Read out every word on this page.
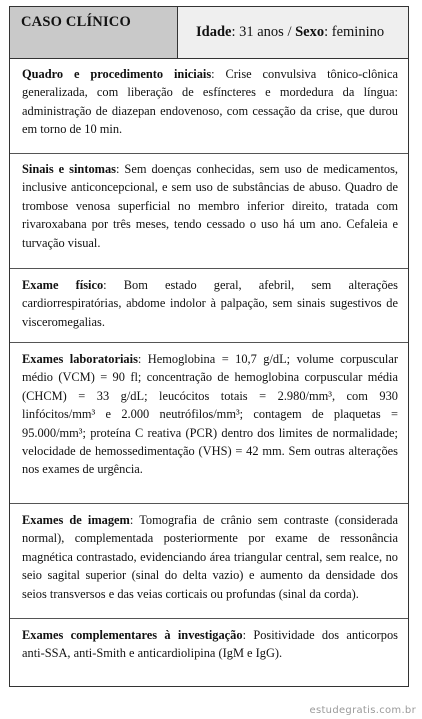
CASO CLÍNICO
Idade: 31 anos / Sexo: feminino
Quadro e procedimento iniciais: Crise convulsiva tônico-clônica generalizada, com liberação de esfíncteres e mordedura da língua: administração de diazepan endovenoso, com cessação da crise, que durou em torno de 10 min.
Sinais e sintomas: Sem doenças conhecidas, sem uso de medicamentos, inclusive anticoncepcional, e sem uso de substâncias de abuso. Quadro de trombose venosa superficial no membro inferior direito, tratada com rivaroxabana por três meses, tendo cessado o uso há um ano. Cefaleia e turvação visual.
Exame físico: Bom estado geral, afebril, sem alterações cardiorrespiratórias, abdome indolor à palpação, sem sinais sugestivos de visceromegalias.
Exames laboratoriais: Hemoglobina = 10,7 g/dL; volume corpuscular médio (VCM) = 90 fl; concentração de hemoglobina corpuscular média (CHCM) = 33 g/dL; leucócitos totais = 2.980/mm³, com 930 linfócitos/mm³ e 2.000 neutrófilos/mm³; contagem de plaquetas = 95.000/mm³; proteína C reativa (PCR) dentro dos limites de normalidade; velocidade de hemossedimentação (VHS) = 42 mm. Sem outras alterações nos exames de urgência.
Exames de imagem: Tomografia de crânio sem contraste (considerada normal), complementada posteriormente por exame de ressonância magnética contrastado, evidenciando área triangular central, sem realce, no seio sagital superior (sinal do delta vazio) e aumento da densidade dos seios transversos e das veias corticais ou profundas (sinal da corda).
Exames complementares à investigação: Positividade dos anticorpos anti-SSA, anti-Smith e anticardiolipina (IgM e IgG).
estudegratis.com.br
